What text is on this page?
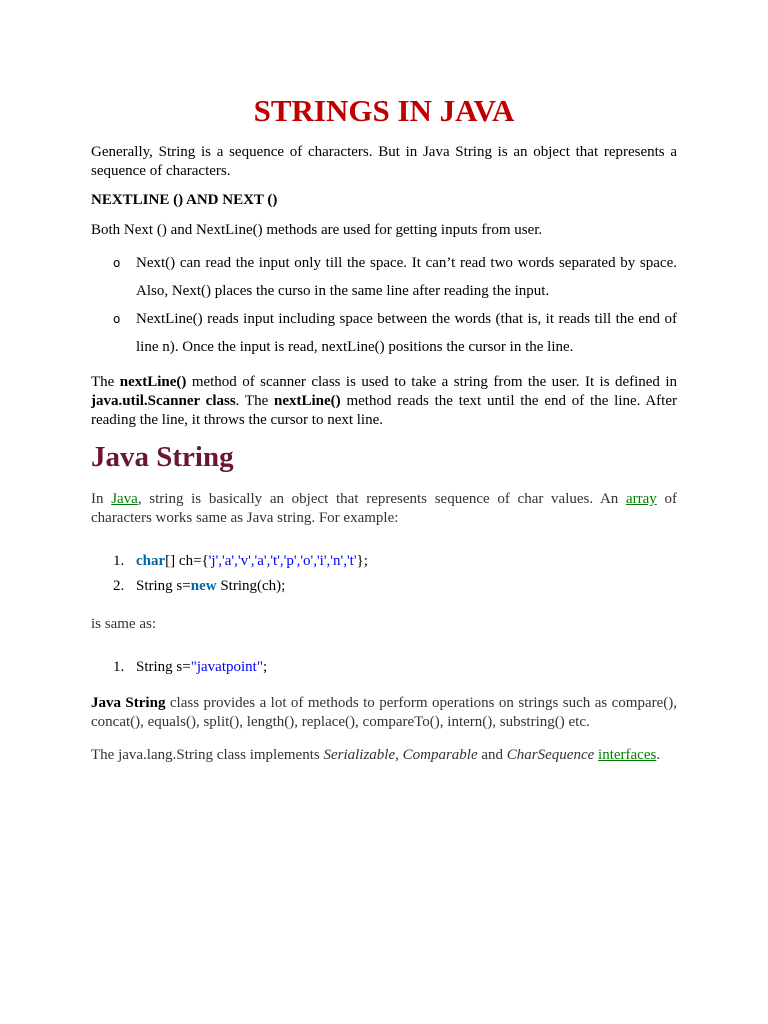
STRINGS IN JAVA

Generally, String is a sequence of characters. But in Java String is an object that represents a sequence of characters.

NEXTLINE () AND NEXT ()

Both Next () and NextLine() methods are used for getting inputs from user.

o Next() can read the input only till the space. It can’t read two words separated by space. Also, Next() places the curso in the same line after reading the input.
o NextLine() reads input including space between the words (that is, it reads till the end of line n). Once the input is read, nextLine() positions the cursor in the line.

The nextLine() method of scanner class is used to take a string from the user. It is defined in java.util.Scanner class. The nextLine() method reads the text until the end of the line. After reading the line, it throws the cursor to next line.

Java String

In Java, string is basically an object that represents sequence of char values. An array of characters works same as Java string. For example:

1. char[] ch={'j','a','v','a','t','p','o','i','n','t'};
2. String s=new String(ch);

is same as:

1. String s="javatpoint";

Java String class provides a lot of methods to perform operations on strings such as compare(), concat(), equals(), split(), length(), replace(), compareTo(), intern(), substring() etc.

The java.lang.String class implements Serializable, Comparable and CharSequence interfaces.
